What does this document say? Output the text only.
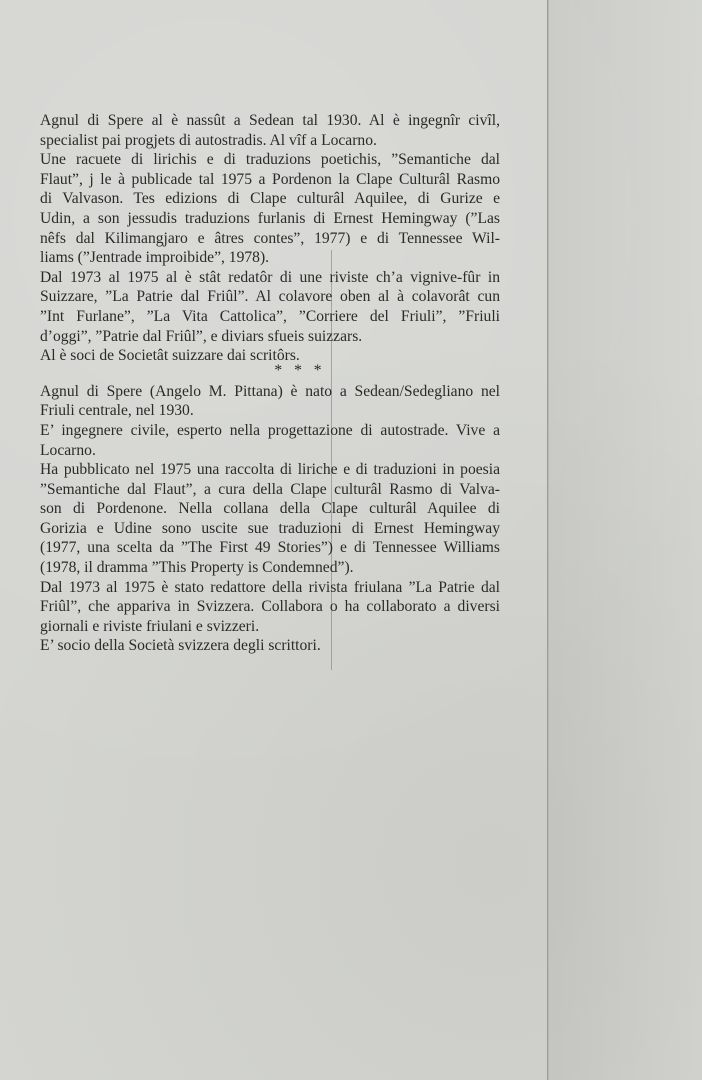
Agnul di Spere al è nassût a Sedean tal 1930. Al è ingegnîr civîl,
specialist pai progjets di autostradis. Al vîf a Locarno.
Une racuete di lirichis e di traduzions poetichis, ”Semantiche dal
Flaut”, j le à publicade tal 1975 a Pordenon la Clape Culturâl Rasmo
di Valvason. Tes edizions di Clape culturâl Aquilee, di Gurize e
Udin, a son jessudis traduzions furlanis di Ernest Hemingway (”Las
nêfs dal Kilimangjaro e âtres contes”, 1977) e di Tennessee Wil-
liams (”Jentrade improibide”, 1978).
Dal 1973 al 1975 al è stât redatôr di une riviste ch’a vignive-fûr in
Suizzare, ”La Patrie dal Friûl”. Al colavore oben al à colavorât cun
”Int Furlane”, ”La Vita Cattolica”, ”Corriere del Friuli”, ”Friuli
d’oggi”, ”Patrie dal Friûl”, e diviars sfueis suizzars.
Al è soci de Societât suizzare dai scritôrs.
* * *
Agnul di Spere (Angelo M. Pittana) è nato a Sedean/Sedegliano nel
Friuli centrale, nel 1930.
E’ ingegnere civile, esperto nella progettazione di autostrade. Vive a
Locarno.
Ha pubblicato nel 1975 una raccolta di liriche e di traduzioni in poesia
”Semantiche dal Flaut”, a cura della Clape culturâl Rasmo di Valva-
son di Pordenone. Nella collana della Clape culturâl Aquilee di
Gorizia e Udine sono uscite sue traduzioni di Ernest Hemingway
(1977, una scelta da ”The First 49 Stories”) e di Tennessee Williams
(1978, il dramma ”This Property is Condemned”).
Dal 1973 al 1975 è stato redattore della rivista friulana ”La Patrie dal
Friûl”, che appariva in Svizzera. Collabora o ha collaborato a diversi
giornali e riviste friulani e svizzeri.
E’ socio della Società svizzera degli scrittori.
